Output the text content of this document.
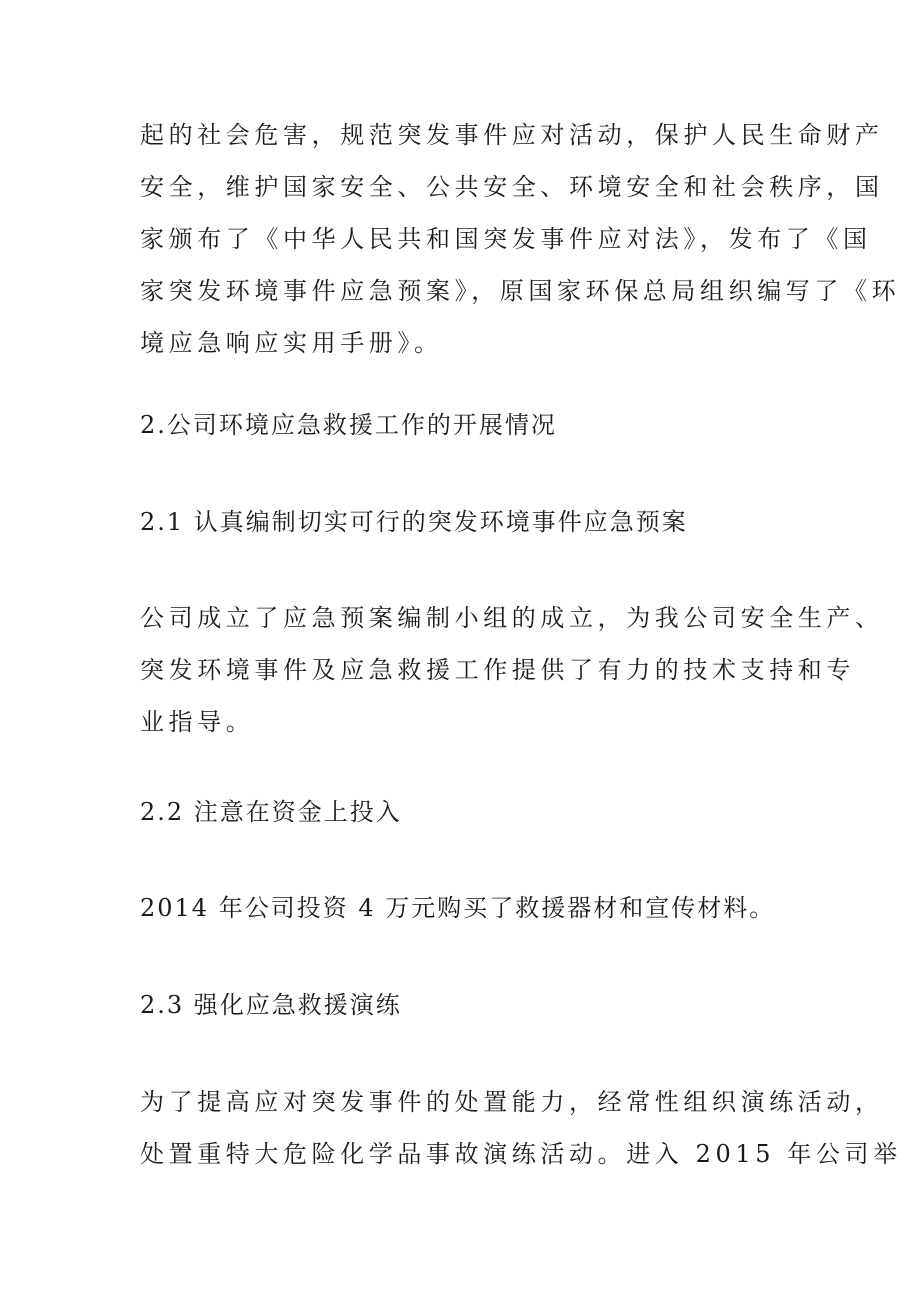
起的社会危害，规范突发事件应对活动，保护人民生命财产
安全，维护国家安全、公共安全、环境安全和社会秩序，国
家颁布了《中华人民共和国突发事件应对法》，发布了《国
家突发环境事件应急预案》，原国家环保总局组织编写了《环
境应急响应实用手册》。
2.公司环境应急救援工作的开展情况
2.1 认真编制切实可行的突发环境事件应急预案
公司成立了应急预案编制小组的成立，为我公司安全生产、
突发环境事件及应急救援工作提供了有力的技术支持和专
业指导。
2.2 注意在资金上投入
2014 年公司投资 4 万元购买了救援器材和宣传材料。
2.3 强化应急救援演练
为了提高应对突发事件的处置能力，经常性组织演练活动，
处置重特大危险化学品事故演练活动。进入 2015 年公司举
